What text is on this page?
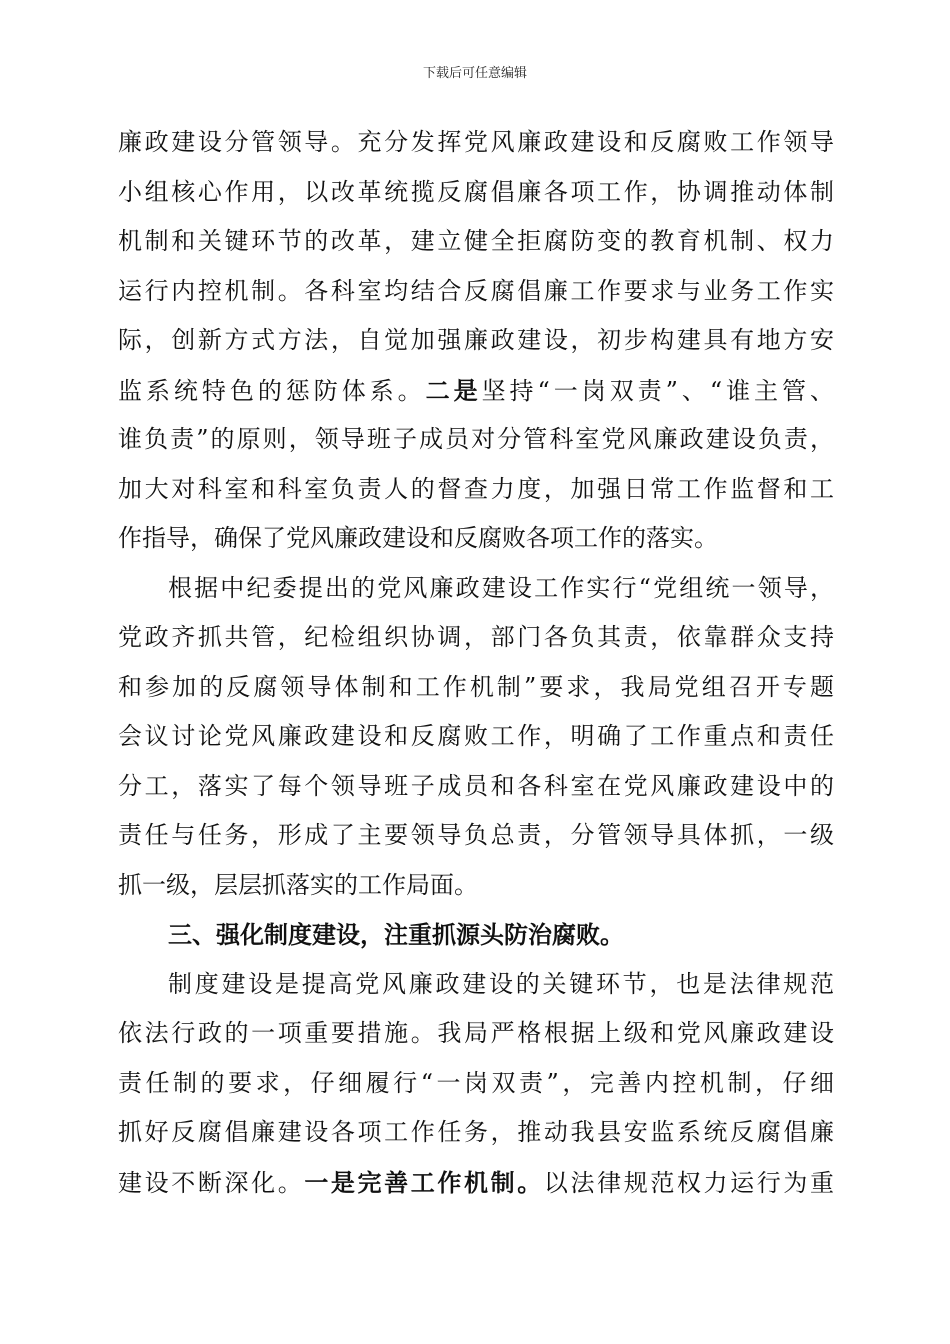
下载后可任意编辑
廉政建设分管领导。充分发挥党风廉政建设和反腐败工作领导
小组核心作用，以改革统揽反腐倡廉各项工作，协调推动体制
机制和关键环节的改革，建立健全拒腐防变的教育机制、权力
运行内控机制。各科室均结合反腐倡廉工作要求与业务工作实
际，创新方式方法，自觉加强廉政建设，初步构建具有地方安
监系统特色的惩防体系。二是坚持“一岗双责”、“谁主管、
谁负责”的原则，领导班子成员对分管科室党风廉政建设负责，
加大对科室和科室负责人的督查力度，加强日常工作监督和工
作指导，确保了党风廉政建设和反腐败各项工作的落实。
根据中纪委提出的党风廉政建设工作实行“党组统一领导，
党政齐抓共管，纪检组织协调，部门各负其责，依靠群众支持
和参加的反腐领导体制和工作机制”要求，我局党组召开专题
会议讨论党风廉政建设和反腐败工作，明确了工作重点和责任
分工，落实了每个领导班子成员和各科室在党风廉政建设中的
责任与任务，形成了主要领导负总责，分管领导具体抓，一级
抓一级，层层抓落实的工作局面。
三、强化制度建设，注重抓源头防治腐败。
制度建设是提高党风廉政建设的关键环节，也是法律规范
依法行政的一项重要措施。我局严格根据上级和党风廉政建设
责任制的要求，仔细履行“一岗双责”，完善内控机制，仔细
抓好反腐倡廉建设各项工作任务，推动我县安监系统反腐倡廉
建设不断深化。一是完善工作机制。以法律规范权力运行为重
